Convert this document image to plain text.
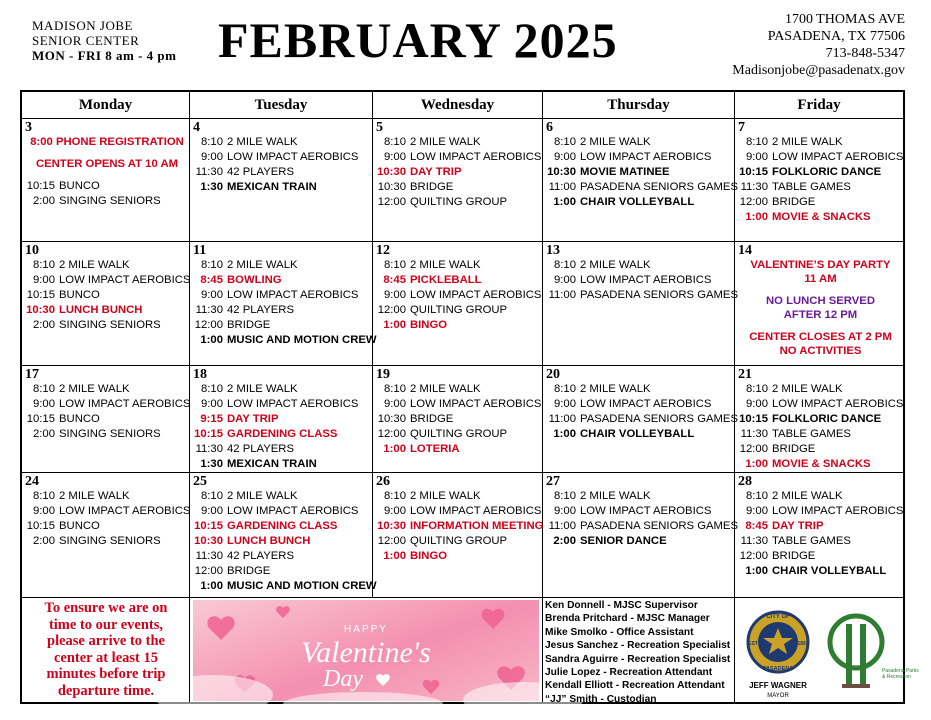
MADISON JOBE
SENIOR CENTER
MON - FRI 8 am - 4 pm FEBRUARY 2025	1700 THOMAS AVE
PASADENA, TX 77506
713-848-5347
Madisonjobe@pasadenatx.gov
Monday	Tuesday	Wednesday	Thursday	Friday
To ensure we are on
time to our events,
please arrive to the
center at least 15
minutes before trip
departure time.
HAPPY
Valentine's
Day
Ken Donnell - MJSC Supervisor
Brenda Pritchard - MJSC Manager
Mike Smolko - Office Assistant
Jesus Sanchez - Recreation Specialist
Sandra Aguirre - Recreation Specialist
Julie Lopez - Recreation Attendant
Kendall Elliott - Recreation Attendant
“JJ” Smith - Custodian
CITY OF
PASADENA
EST	1893
JEFF WAGNER
MAYOR
Pasadena Parks
& Recreation
3
8:00 PHONE REGISTRATION
CENTER OPENS AT 10 AM
10:15 BUNCO
2:00 SINGING SENIORS
4
8:10 2 MILE WALK
9:00 LOW IMPACT AEROBICS
11:30 42 PLAYERS
1:30 MEXICAN TRAIN
5
8:10 2 MILE WALK
9:00 LOW IMPACT AEROBICS
10:30 DAY TRIP
10:30 BRIDGE
12:00 QUILTING GROUP
6
8:10 2 MILE WALK
9:00 LOW IMPACT AEROBICS
10:30 MOVIE MATINEE
11:00 PASADENA SENIORS GAMES
1:00 CHAIR VOLLEYBALL
7
8:10 2 MILE WALK
9:00 LOW IMPACT AEROBICS
10:15 FOLKLORIC DANCE
11:30 TABLE GAMES
12:00 BRIDGE
1:00 MOVIE & SNACKS
10
8:10 2 MILE WALK
9:00 LOW IMPACT AEROBICS
10:15 BUNCO
10:30 LUNCH BUNCH
2:00 SINGING SENIORS
11
8:10 2 MILE WALK
8:45 BOWLING
9:00 LOW IMPACT AEROBICS
11:30 42 PLAYERS
12:00 BRIDGE
1:00 MUSIC AND MOTION CREW
12
8:10 2 MILE WALK
8:45 PICKLEBALL
9:00 LOW IMPACT AEROBICS
12:00 QUILTING GROUP
1:00 BINGO
13
8:10 2 MILE WALK
9:00 LOW IMPACT AEROBICS
11:00 PASADENA SENIORS GAMES
14
VALENTINE’S DAY PARTY
11 AM
NO LUNCH SERVED
AFTER 12 PM
CENTER CLOSES AT 2 PM
NO ACTIVITIES
17
8:10 2 MILE WALK
9:00 LOW IMPACT AEROBICS
10:15 BUNCO
2:00 SINGING SENIORS
18
8:10 2 MILE WALK
9:00 LOW IMPACT AEROBICS
9:15 DAY TRIP
10:15 GARDENING CLASS
11:30 42 PLAYERS
1:30 MEXICAN TRAIN
19
8:10 2 MILE WALK
9:00 LOW IMPACT AEROBICS
10:30 BRIDGE
12:00 QUILTING GROUP
1:00 LOTERIA
20
8:10 2 MILE WALK
9:00 LOW IMPACT AEROBICS
11:00 PASADENA SENIORS GAMES
1:00 CHAIR VOLLEYBALL
21
8:10 2 MILE WALK
9:00 LOW IMPACT AEROBICS
10:15 FOLKLORIC DANCE
11:30 TABLE GAMES
12:00 BRIDGE
1:00 MOVIE & SNACKS
24
8:10 2 MILE WALK
9:00 LOW IMPACT AEROBICS
10:15 BUNCO
2:00 SINGING SENIORS
25
8:10 2 MILE WALK
9:00 LOW IMPACT AEROBICS
10:15 GARDENING CLASS
10:30 LUNCH BUNCH
11:30 42 PLAYERS
12:00 BRIDGE
1:00 MUSIC AND MOTION CREW
26
8:10 2 MILE WALK
9:00 LOW IMPACT AEROBICS
10:30 INFORMATION MEETING
12:00 QUILTING GROUP
1:00 BINGO
27
8:10 2 MILE WALK
9:00 LOW IMPACT AEROBICS
11:00 PASADENA SENIORS GAMES
2:00 SENIOR DANCE
28
8:10 2 MILE WALK
9:00 LOW IMPACT AEROBICS
8:45 DAY TRIP
11:30 TABLE GAMES
12:00 BRIDGE
1:00 CHAIR VOLLEYBALL
